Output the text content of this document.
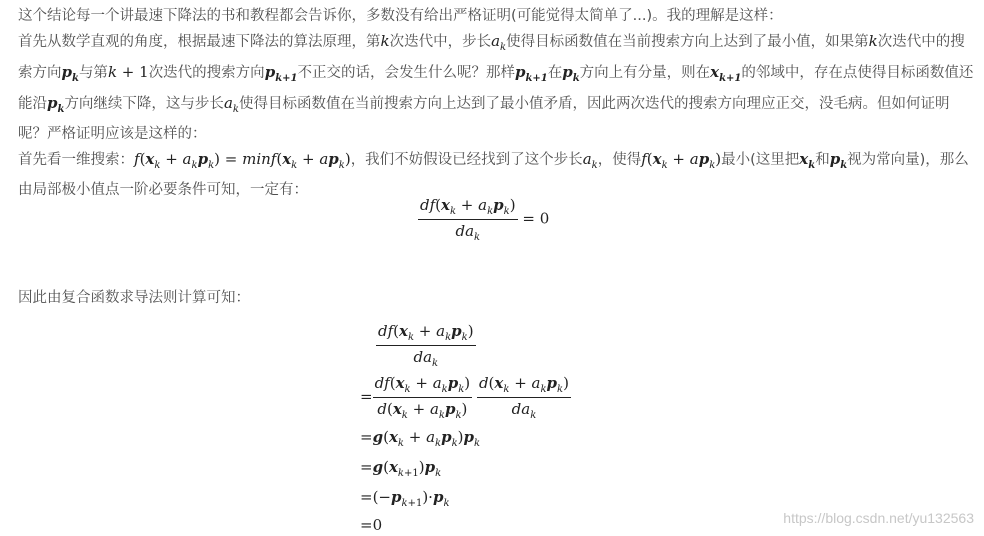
这个结论每一个讲最速下降法的书和教程都会告诉你，多数没有给出严格证明(可能觉得太简单了...)。我的理解是这样：

首先从数学直观的角度，根据最速下降法的算法原理，第k次迭代中，步长$a_k$使得目标函数值在当前搜索方向上达到了最小值，如果第k次迭代中的搜索方向$p_k$与第k + 1次迭代的搜索方向$p_{k+1}$不正交的话，会发生什么呢？那样$p_{k+1}$在$p_k$方向上有分量，则在$x_{k+1}$的邻域中，存在点使得目标函数值还能沿$p_k$方向继续下降，这与步长$a_k$使得目标函数值在当前搜索方向上达到了最小值矛盾，因此两次迭代的搜索方向理应正交，没毛病。但如何证明呢？严格证明应该是这样的：

首先看一维搜索：$f(x_k + a_kp_k) = \min f(x_k + ap_k)$，我们不妨假设已经找到了这个步长$a_k$，使得$f(x_k + ap_k)$最小(这里把$x_k$和$p_k$视为常向量)，那么由局部极小值点一阶必要条件可知，一定有：

$\frac{df(x_k + a_kp_k)}{da_k} = 0$

因此由复合函数求导法则计算可知：

$\frac{df(x_k + a_kp_k)}{da_k}$
= $\frac{df(x_k + a_kp_k)}{d(x_k + a_kp_k)}$
$\frac{d(x_k + a_kp_k)}{da_k}$
$=g(x_k + a_kp_k)p_k$
$=g(x_{k+1})p_k$
$=(-p_{k+1})\cdot p_k$
=0	https://blog.csdn.net/yu132563
